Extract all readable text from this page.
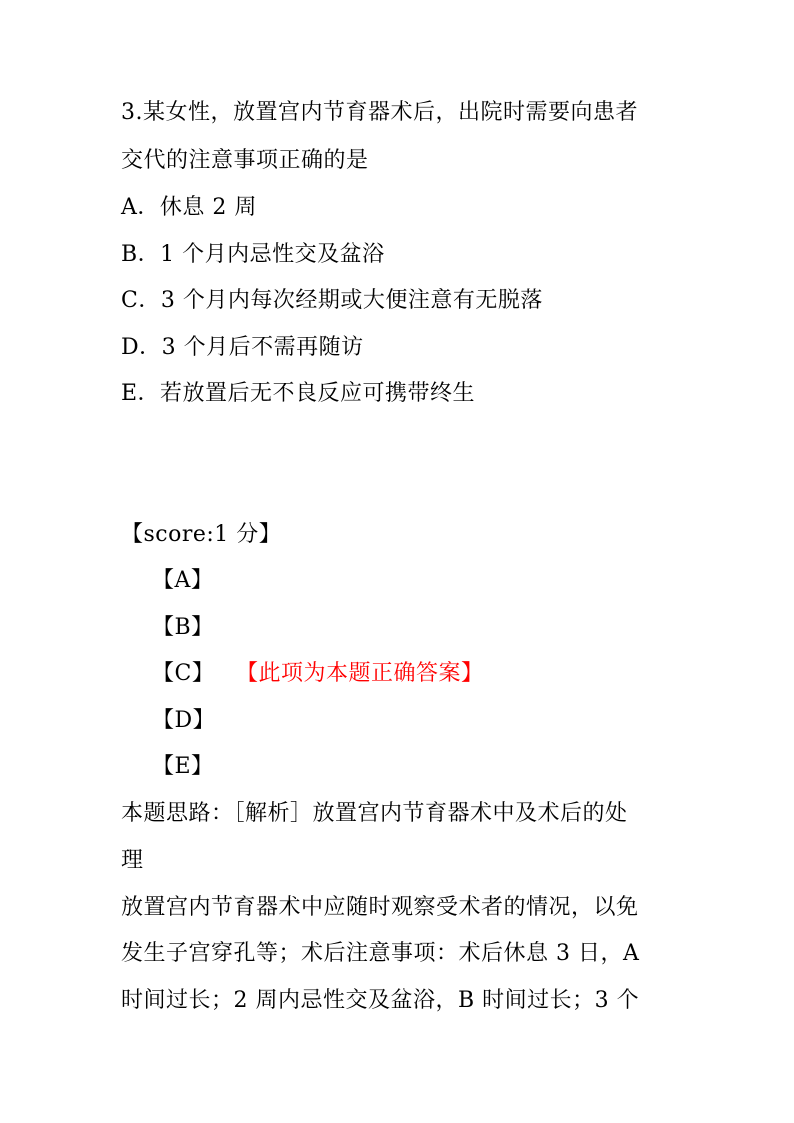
3.某女性，放置宫内节育器术后，出院时需要向患者
交代的注意事项正确的是
A．休息 2 周
B．1 个月内忌性交及盆浴
C．3 个月内每次经期或大便注意有无脱落
D．3 个月后不需再随访
E．若放置后无不良反应可携带终生
【score:1 分】
【A】
【B】
【C】 【此项为本题正确答案】
【D】
【E】
本题思路：［解析］放置宫内节育器术中及术后的处
理
放置宫内节育器术中应随时观察受术者的情况，以免
发生子宫穿孔等；术后注意事项：术后休息 3 日，A
时间过长；2 周内忌性交及盆浴，B 时间过长；3 个
